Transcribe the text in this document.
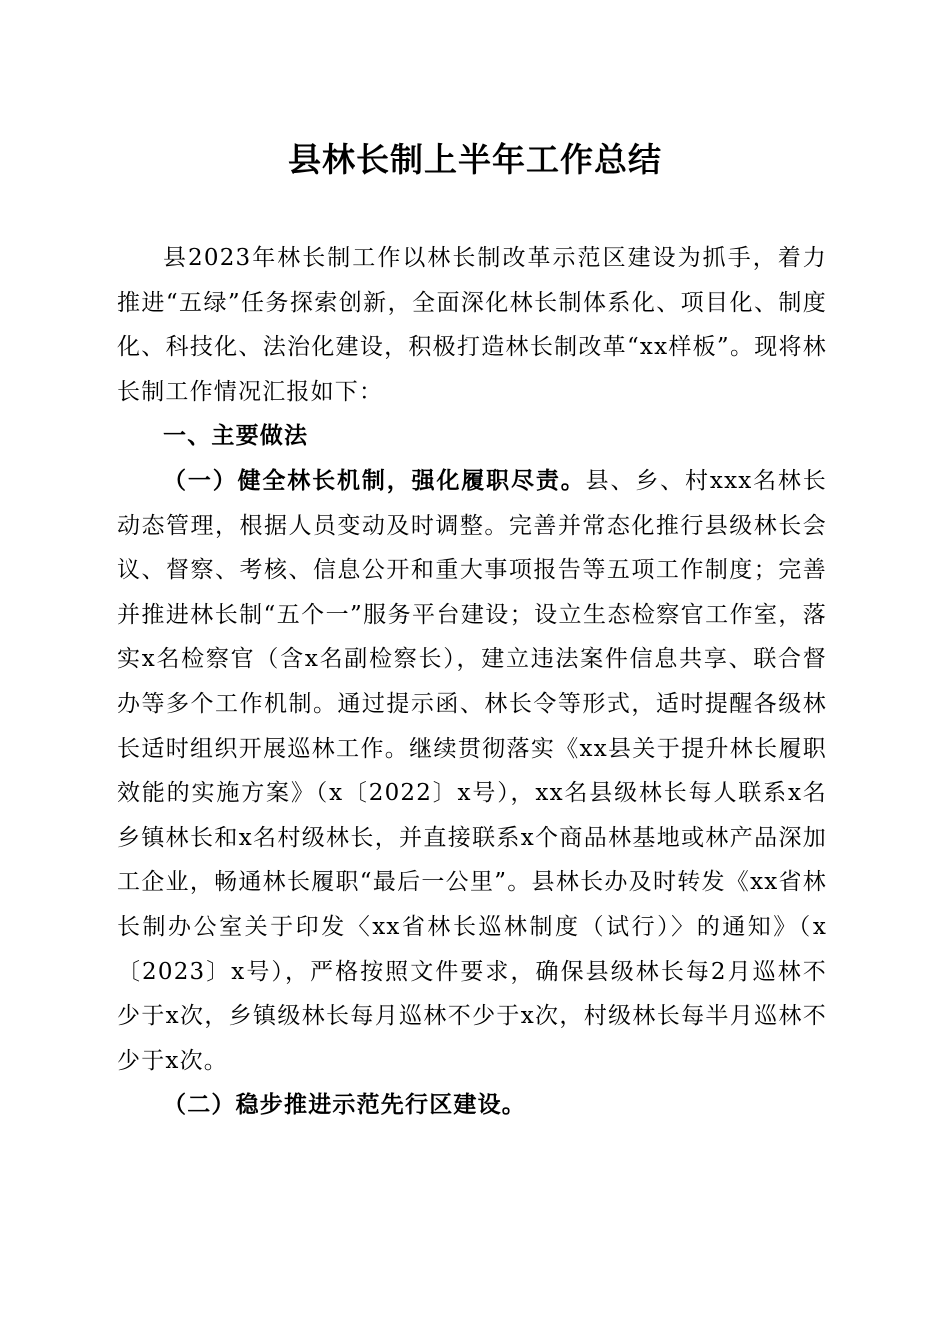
县林长制上半年工作总结

县2023年林长制工作以林长制改革示范区建设为抓手，着力推进“五绿”任务探索创新，全面深化林长制体系化、项目化、制度化、科技化、法治化建设，积极打造林长制改革“xx样板”。现将林长制工作情况汇报如下：

一、主要做法

（一）健全林长机制，强化履职尽责。县、乡、村xxx名林长动态管理，根据人员变动及时调整。完善并常态化推行县级林长会议、督察、考核、信息公开和重大事项报告等五项工作制度；完善并推进林长制“五个一”服务平台建设；设立生态检察官工作室，落实x名检察官（含x名副检察长），建立违法案件信息共享、联合督办等多个工作机制。通过提示函、林长令等形式，适时提醒各级林长适时组织开展巡林工作。继续贯彻落实《xx县关于提升林长履职效能的实施方案》（x〔2022〕x号），xx名县级林长每人联系x名乡镇林长和x名村级林长，并直接联系x个商品林基地或林产品深加工企业，畅通林长履职“最后一公里”。县林长办及时转发《xx省林长制办公室关于印发〈xx省林长巡林制度（试行）〉的通知》（x〔2023〕x号），严格按照文件要求，确保县级林长每2月巡林不少于x次，乡镇级林长每月巡林不少于x次，村级林长每半月巡林不少于x次。

（二）稳步推进示范先行区建设。
